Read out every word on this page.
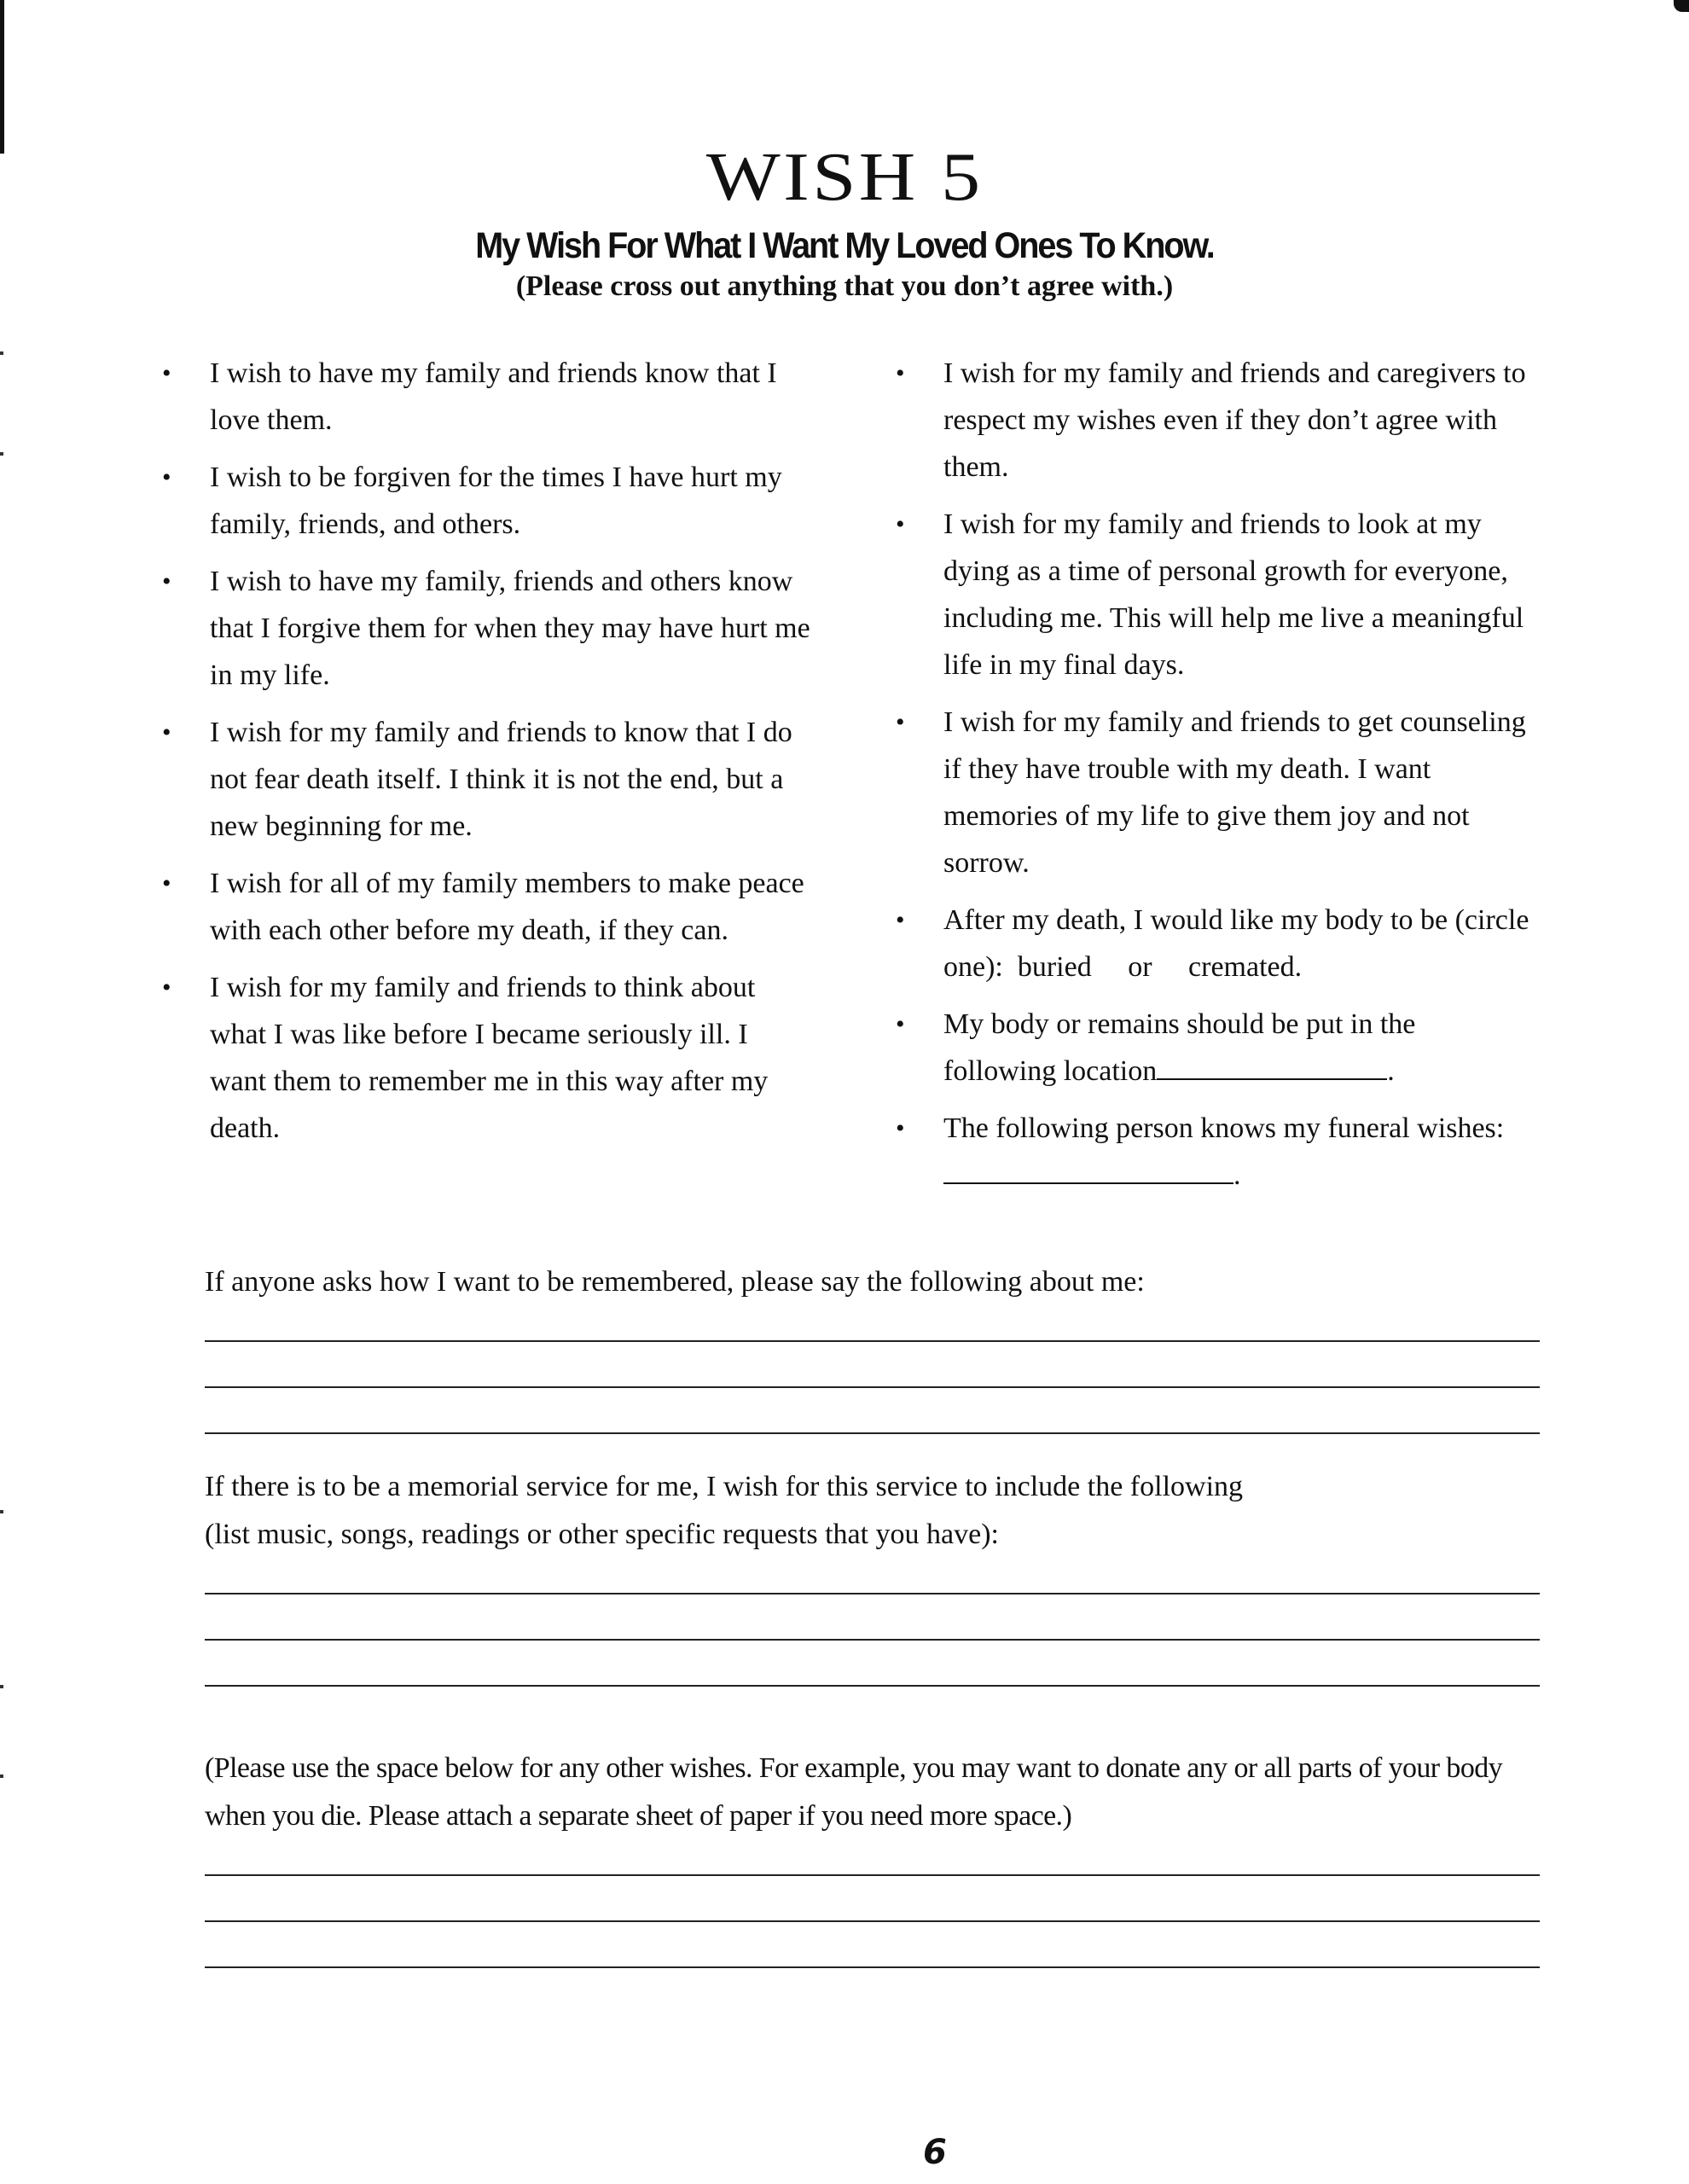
WISH 5
My Wish For What I Want My Loved Ones To Know.
(Please cross out anything that you don’t agree with.)
• I wish to have my family and friends know that I love them.
• I wish to be forgiven for the times I have hurt my family, friends, and others.
• I wish to have my family, friends and others know that I forgive them for when they may have hurt me in my life.
• I wish for my family and friends to know that I do not fear death itself. I think it is not the end, but a new beginning for me.
• I wish for all of my family members to make peace with each other before my death, if they can.
• I wish for my family and friends to think about what I was like before I became seriously ill. I want them to remember me in this way after my death.
• I wish for my family and friends and caregivers to respect my wishes even if they don’t agree with them.
• I wish for my family and friends to look at my dying as a time of personal growth for everyone, including me. This will help me live a meaningful life in my final days.
• I wish for my family and friends to get counseling if they have trouble with my death. I want memories of my life to give them joy and not sorrow.
• After my death, I would like my body to be (circle one): buried or cremated.
• My body or remains should be put in the following location	.
• The following person knows my funeral wishes: .
If anyone asks how I want to be remembered, please say the following about me:
If there is to be a memorial service for me, I wish for this service to include the following
(list music, songs, readings or other specific requests that you have):
(Please use the space below for any other wishes. For example, you may want to donate any or all parts of your body when you die. Please attach a separate sheet of paper if you need more space.)
6
